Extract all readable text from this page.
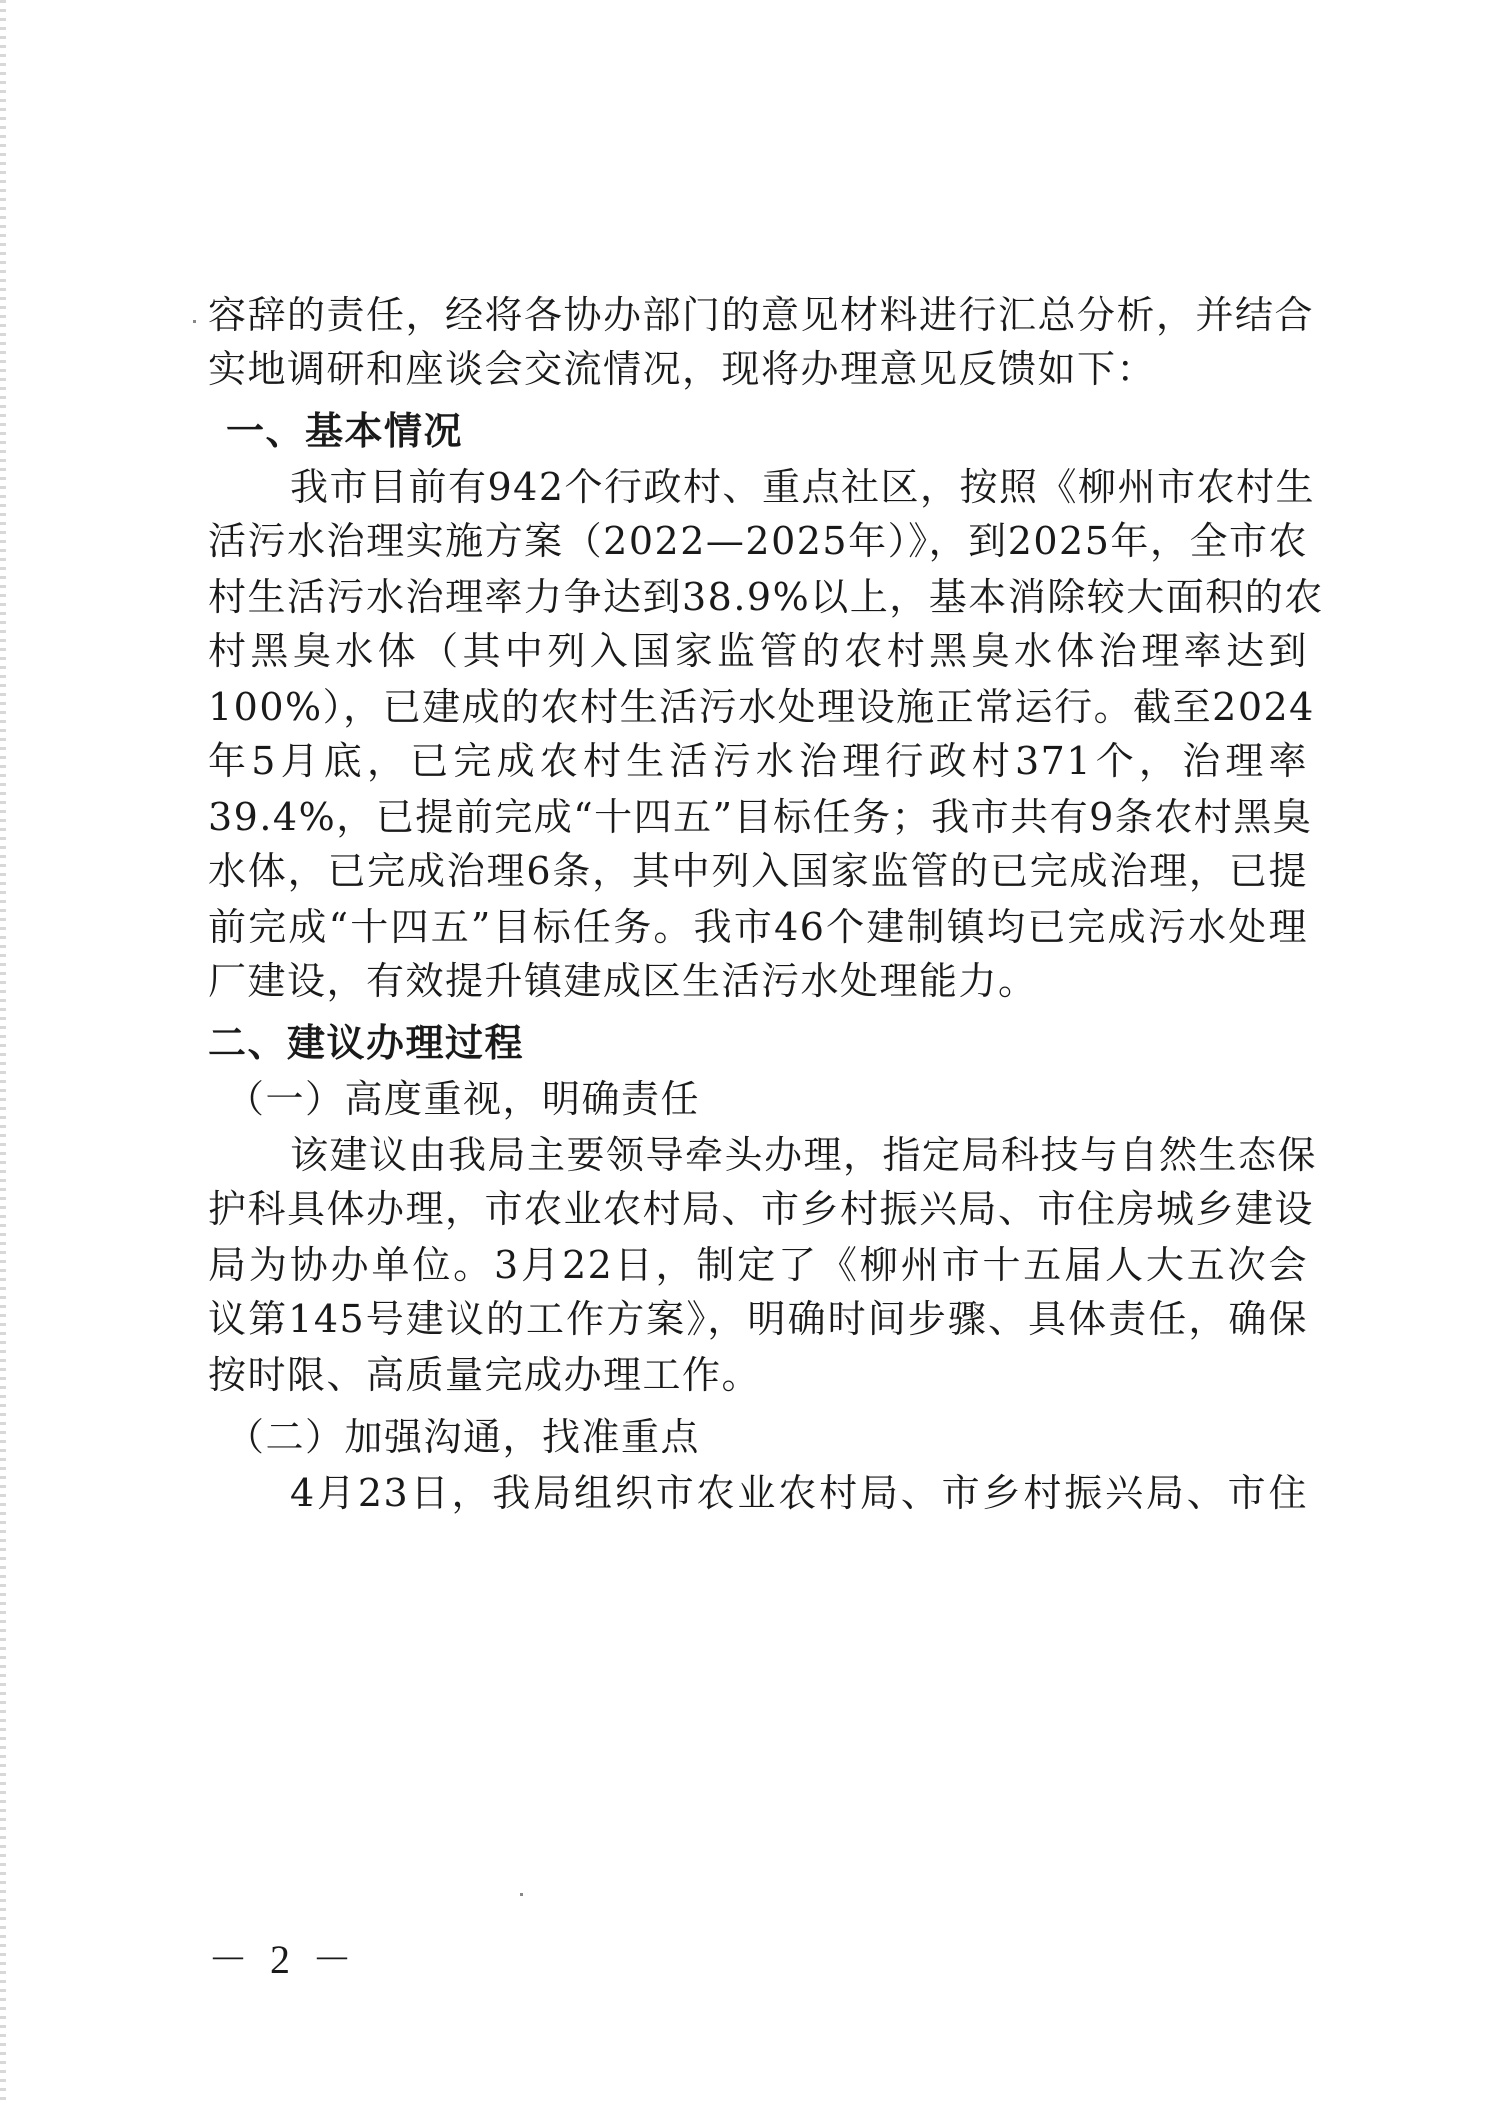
容辞的责任，经将各协办部门的意见材料进行汇总分析，并结合
实地调研和座谈会交流情况，现将办理意见反馈如下：
一、基本情况
我市目前有942个行政村、重点社区，按照《柳州市农村生
活污水治理实施方案（2022—2025年）》，到2025年，全市农
村生活污水治理率力争达到38.9%以上，基本消除较大面积的农
村黑臭水体（其中列入国家监管的农村黑臭水体治理率达到
100%），已建成的农村生活污水处理设施正常运行。截至2024
年5月底，已完成农村生活污水治理行政村371个，治理率
39.4%，已提前完成“十四五”目标任务；我市共有9条农村黑臭
水体，已完成治理6条，其中列入国家监管的已完成治理，已提
前完成“十四五”目标任务。我市46个建制镇均已完成污水处理
厂建设，有效提升镇建成区生活污水处理能力。
二、建议办理过程
（一）高度重视，明确责任
该建议由我局主要领导牵头办理，指定局科技与自然生态保
护科具体办理，市农业农村局、市乡村振兴局、市住房城乡建设
局为协办单位。3月22日，制定了《柳州市十五届人大五次会
议第145号建议的工作方案》，明确时间步骤、具体责任，确保
按时限、高质量完成办理工作。
（二）加强沟通，找准重点
4月23日，我局组织市农业农村局、市乡村振兴局、市住
－ 2 －
